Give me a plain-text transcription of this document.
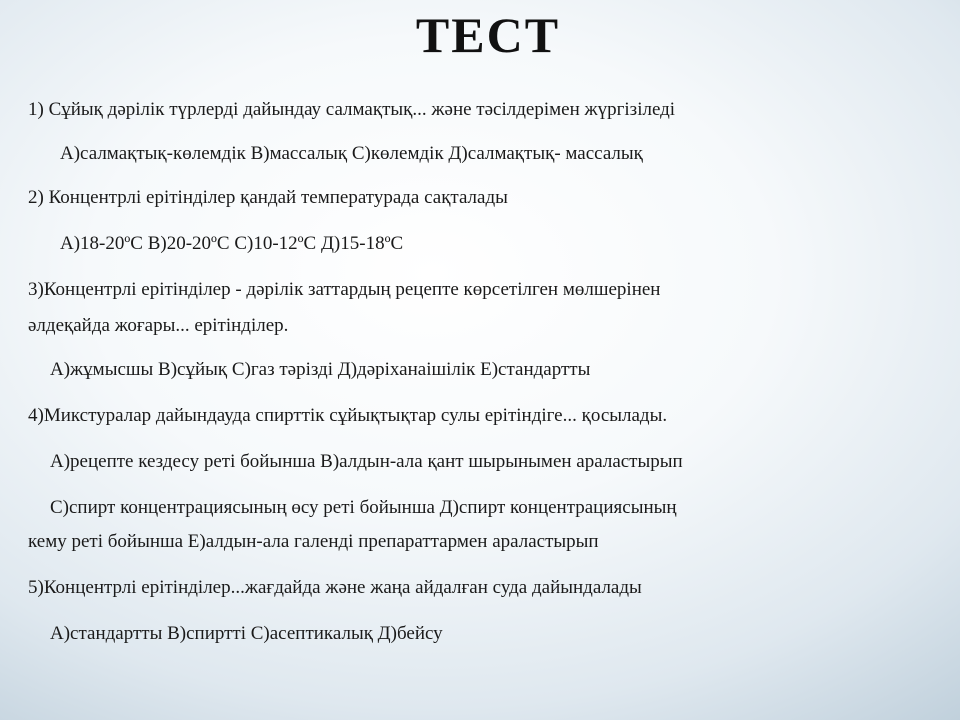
ТЕСТ
1) Сұйық дәрілік түрлерді дайындау салмақтық... және тәсілдерімен жүргізіледі
А)салмақтық-көлемдік В)массалық С)көлемдік Д)салмақтық- массалық
2) Концентрлі ерітінділер қандай температурада сақталады
А)18-20ºС В)20-20ºС С)10-12ºС Д)15-18ºС
3)Концентрлі ерітінділер - дәрілік заттардың рецепте көрсетілген мөлшерінен
әлдеқайда жоғары... ерітінділер.
А)жұмысшы В)сұйық С)газ тәрізді Д)дәріханаішілік Е)стандартты
4)Микстуралар дайындауда спирттік сұйықтықтар сулы ерітіндіге... қосылады.
А)рецепте кездесу реті бойынша В)алдын-ала қант шырынымен араластырып
С)спирт концентрациясының өсу реті бойынша Д)спирт концентрациясының
кему реті бойынша Е)алдын-ала галенді препараттармен араластырып
5)Концентрлі ерітінділер...жағдайда және жаңа айдалған суда дайындалады
А)стандартты В)спиртті С)асептикалық Д)бейсу
